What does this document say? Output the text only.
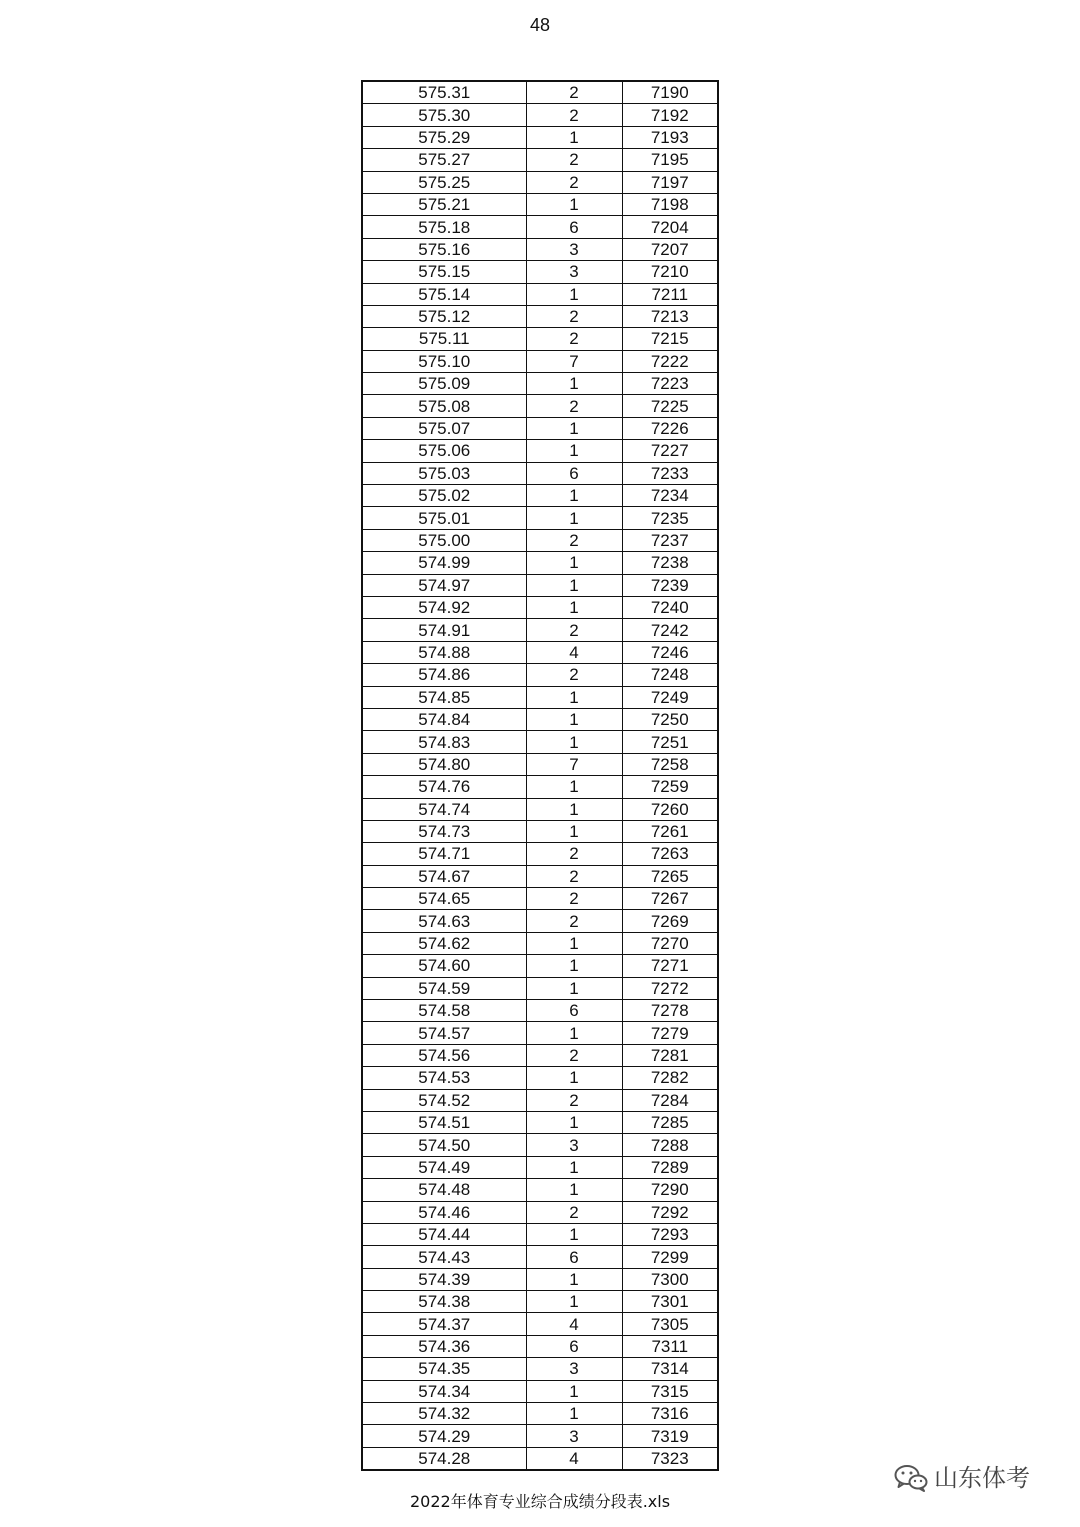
48
575.31	2	7190
575.30	2	7192
575.29	1	7193
575.27	2	7195
575.25	2	7197
575.21	1	7198
575.18	6	7204
575.16	3	7207
575.15	3	7210
575.14	1	7211
575.12	2	7213
575.11	2	7215
575.10	7	7222
575.09	1	7223
575.08	2	7225
575.07	1	7226
575.06	1	7227
575.03	6	7233
575.02	1	7234
575.01	1	7235
575.00	2	7237
574.99	1	7238
574.97	1	7239
574.92	1	7240
574.91	2	7242
574.88	4	7246
574.86	2	7248
574.85	1	7249
574.84	1	7250
574.83	1	7251
574.80	7	7258
574.76	1	7259
574.74	1	7260
574.73	1	7261
574.71	2	7263
574.67	2	7265
574.65	2	7267
574.63	2	7269
574.62	1	7270
574.60	1	7271
574.59	1	7272
574.58	6	7278
574.57	1	7279
574.56	2	7281
574.53	1	7282
574.52	2	7284
574.51	1	7285
574.50	3	7288
574.49	1	7289
574.48	1	7290
574.46	2	7292
574.44	1	7293
574.43	6	7299
574.39	1	7300
574.38	1	7301
574.37	4	7305
574.36	6	7311
574.35	3	7314
574.34	1	7315
574.32	1	7316
574.29	3	7319
574.28	4	7323
2022年体育专业综合成绩分段表.xls
山东体考
